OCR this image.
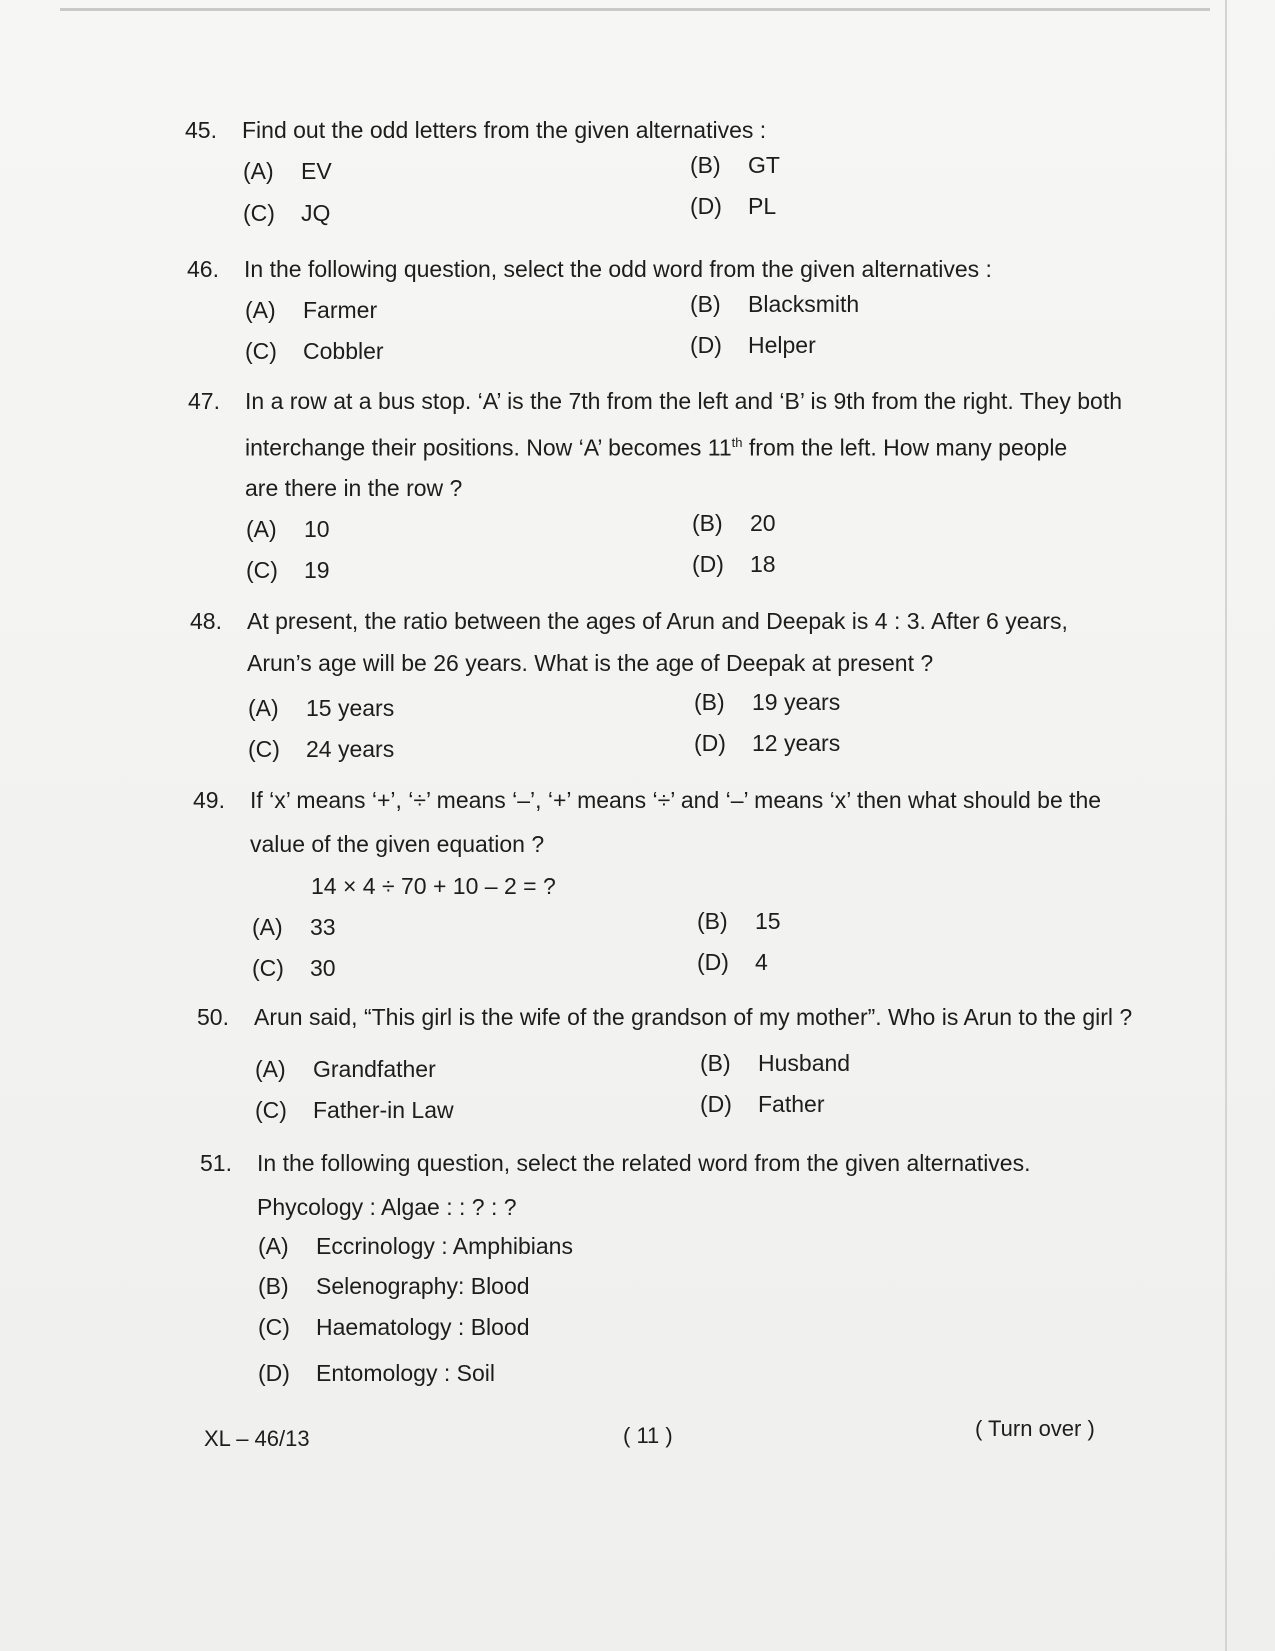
45. Find out the odd letters from the given alternatives :
(A) EV	(B) GT
(C) JQ	(D) PL
46. In the following question, select the odd word from the given alternatives :
(A) Farmer	(B) Blacksmith
(C) Cobbler	(D) Helper
47. In a row at a bus stop. ‘A’ is the 7th from the left and ‘B’ is 9th from the right. They both
interchange their positions. Now ‘A’ becomes 11th from the left. How many people
are there in the row ?
(A) 10	(B) 20
(C) 19	(D) 18
48. At present, the ratio between the ages of Arun and Deepak is 4 : 3. After 6 years,
Arun’s age will be 26 years. What is the age of Deepak at present ?
(A) 15 years	(B) 19 years
(C) 24 years	(D) 12 years
49. If ‘x’ means ‘+’, ‘÷’ means ‘–’, ‘+’ means ‘÷’ and ‘–’ means ‘x’ then what should be the
value of the given equation ?
14 × 4 ÷ 70 + 10 – 2 = ?
(A) 33	(B) 15
(C) 30	(D) 4
50. Arun said, “This girl is the wife of the grandson of my mother”. Who is Arun to the girl ?
(A) Grandfather	(B) Husband
(C) Father-in Law	(D) Father
51. In the following question, select the related word from the given alternatives.
Phycology : Algae : : ? : ?
(A) Eccrinology : Amphibians
(B) Selenography: Blood
(C) Haematology : Blood
(D) Entomology : Soil
XL – 46/13	( 11 )	( Turn over )
